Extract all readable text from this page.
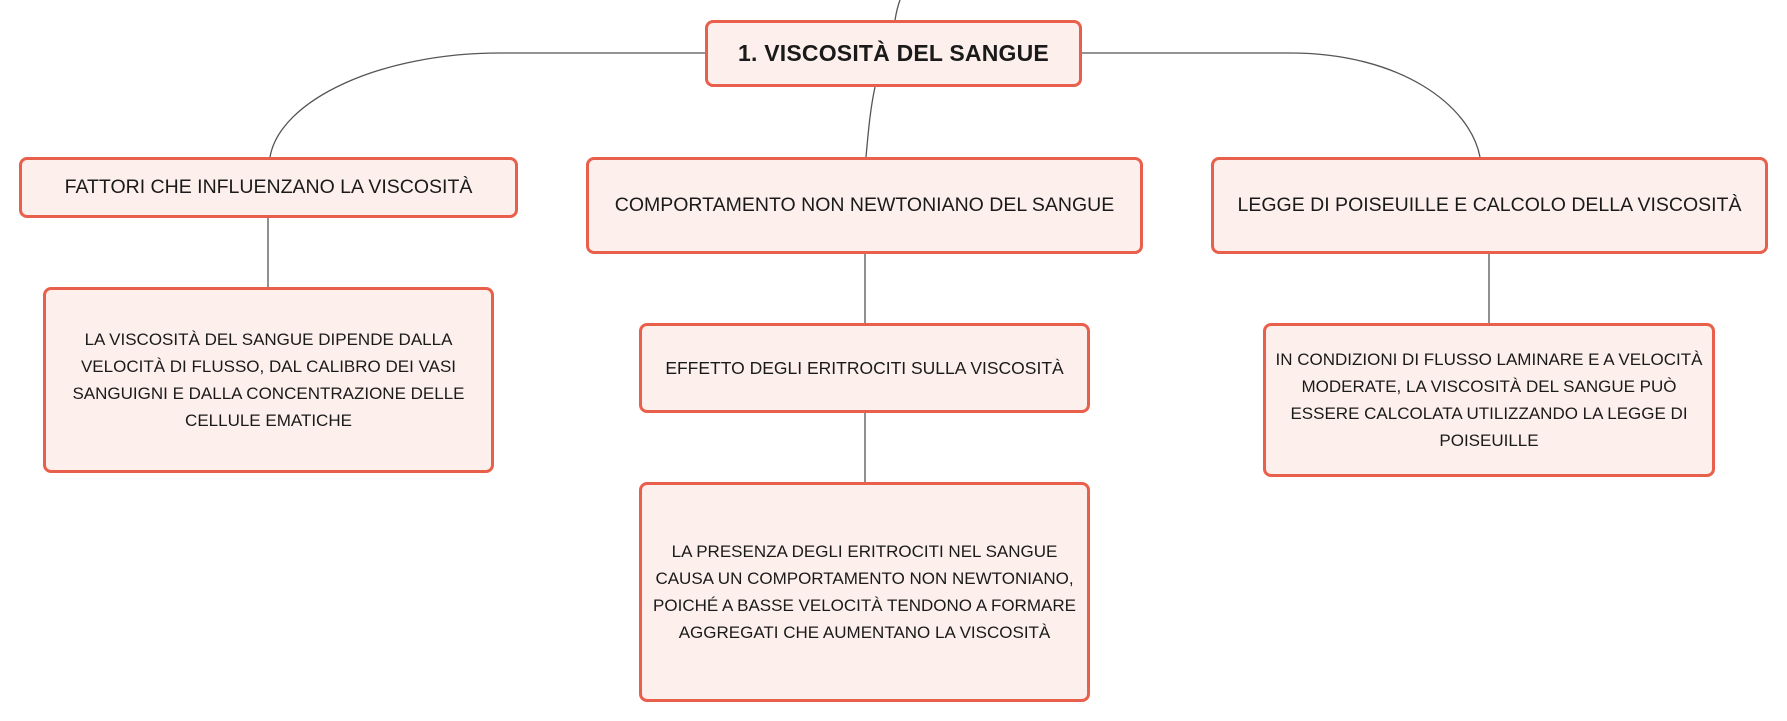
1. VISCOSITÀ DEL SANGUE
FATTORI CHE INFLUENZANO LA VISCOSITÀ
LA VISCOSITÀ DEL SANGUE DIPENDE DALLA VELOCITÀ DI FLUSSO, DAL CALIBRO DEI VASI SANGUIGNI E DALLA CONCENTRAZIONE DELLE CELLULE EMATICHE
COMPORTAMENTO NON NEWTONIANO DEL SANGUE
EFFETTO DEGLI ERITROCITI SULLA VISCOSITÀ
LA PRESENZA DEGLI ERITROCITI NEL SANGUE CAUSA UN COMPORTAMENTO NON NEWTONIANO, POICHÉ A BASSE VELOCITÀ TENDONO A FORMARE AGGREGATI CHE AUMENTANO LA VISCOSITÀ
LEGGE DI POISEUILLE E CALCOLO DELLA VISCOSITÀ
IN CONDIZIONI DI FLUSSO LAMINARE E A VELOCITÀ MODERATE, LA VISCOSITÀ DEL SANGUE PUÒ ESSERE CALCOLATA UTILIZZANDO LA LEGGE DI POISEUILLE
